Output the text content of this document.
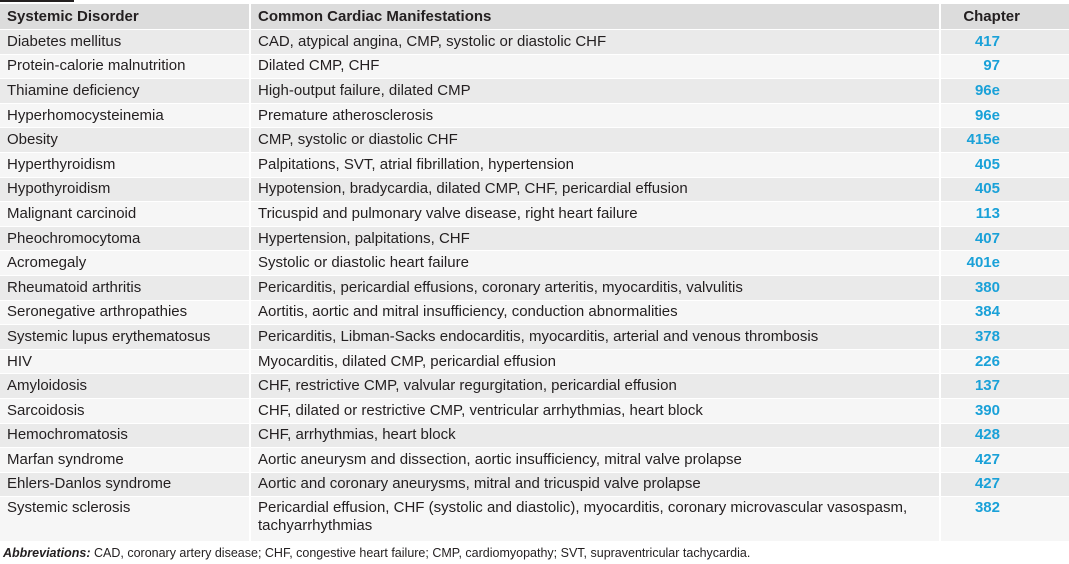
Systemic Disorder	Common Cardiac Manifestations	Chapter
Diabetes mellitus	CAD, atypical angina, CMP, systolic or diastolic CHF	417
Protein-calorie malnutrition	Dilated CMP, CHF	97
Thiamine deficiency	High-output failure, dilated CMP	96e
Hyperhomocysteinemia	Premature atherosclerosis	96e
Obesity	CMP, systolic or diastolic CHF	415e
Hyperthyroidism	Palpitations, SVT, atrial fibrillation, hypertension	405
Hypothyroidism	Hypotension, bradycardia, dilated CMP, CHF, pericardial effusion	405
Malignant carcinoid	Tricuspid and pulmonary valve disease, right heart failure	113
Pheochromocytoma	Hypertension, palpitations, CHF	407
Acromegaly	Systolic or diastolic heart failure	401e
Rheumatoid arthritis	Pericarditis, pericardial effusions, coronary arteritis, myocarditis, valvulitis	380
Seronegative arthropathies	Aortitis, aortic and mitral insufficiency, conduction abnormalities	384
Systemic lupus erythematosus	Pericarditis, Libman-Sacks endocarditis, myocarditis, arterial and venous thrombosis	378
HIV	Myocarditis, dilated CMP, pericardial effusion	226
Amyloidosis	CHF, restrictive CMP, valvular regurgitation, pericardial effusion	137
Sarcoidosis	CHF, dilated or restrictive CMP, ventricular arrhythmias, heart block	390
Hemochromatosis	CHF, arrhythmias, heart block	428
Marfan syndrome	Aortic aneurysm and dissection, aortic insufficiency, mitral valve prolapse	427
Ehlers-Danlos syndrome	Aortic and coronary aneurysms, mitral and tricuspid valve prolapse	427
Systemic sclerosis	Pericardial effusion, CHF (systolic and diastolic), myocarditis, coronary microvascular vasospasm, tachyarrhythmias	382
Abbreviations: CAD, coronary artery disease; CHF, congestive heart failure; CMP, cardiomyopathy; SVT, supraventricular tachycardia.
